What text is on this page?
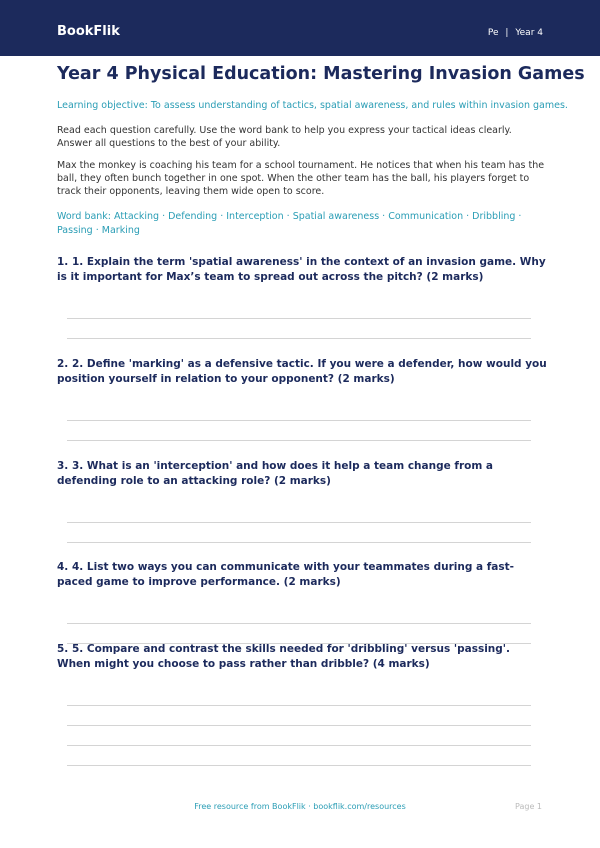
BookFlik	Pe | Year 4
Year 4 Physical Education: Mastering Invasion Games
Learning objective: To assess understanding of tactics, spatial awareness, and rules within invasion games.
Read each question carefully. Use the word bank to help you express your tactical ideas clearly. Answer all questions to the best of your ability.
Max the monkey is coaching his team for a school tournament. He notices that when his team has the ball, they often bunch together in one spot. When the other team has the ball, his players forget to track their opponents, leaving them wide open to score.
Word bank: Attacking · Defending · Interception · Spatial awareness · Communication · Dribbling · Passing · Marking
1. 1. Explain the term 'spatial awareness' in the context of an invasion game. Why is it important for Max’s team to spread out across the pitch? (2 marks)
2. 2. Define 'marking' as a defensive tactic. If you were a defender, how would you position yourself in relation to your opponent? (2 marks)
3. 3. What is an 'interception' and how does it help a team change from a defending role to an attacking role? (2 marks)
4. 4. List two ways you can communicate with your teammates during a fast-paced game to improve performance. (2 marks)
5. 5. Compare and contrast the skills needed for 'dribbling' versus 'passing'. When might you choose to pass rather than dribble? (4 marks)
Free resource from BookFlik · bookflik.com/resources	Page 1
